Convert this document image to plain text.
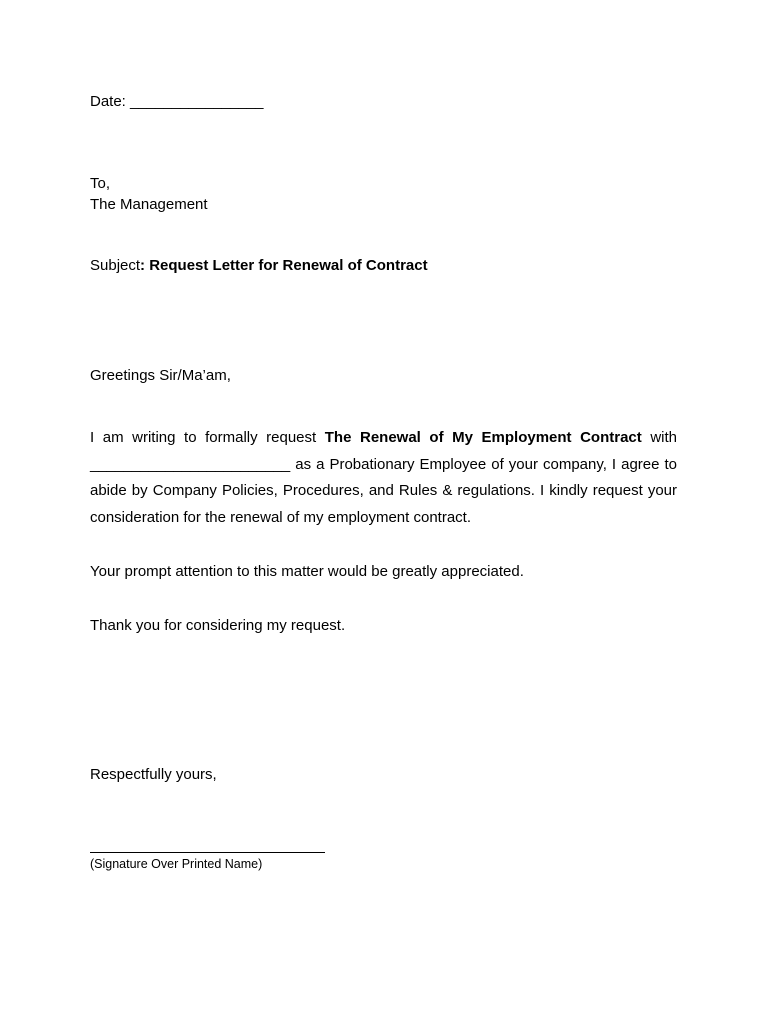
Date: ________________
To,
The Management
Subject: Request Letter for Renewal of Contract
Greetings Sir/Ma’am,
I am writing to formally request The Renewal of My Employment Contract with ________________________ as a Probationary Employee of your company, I agree to abide by Company Policies, Procedures, and Rules & regulations. I kindly request your consideration for the renewal of my employment contract.
Your prompt attention to this matter would be greatly appreciated.
Thank you for considering my request.
Respectfully yours,
(Signature Over Printed Name)
